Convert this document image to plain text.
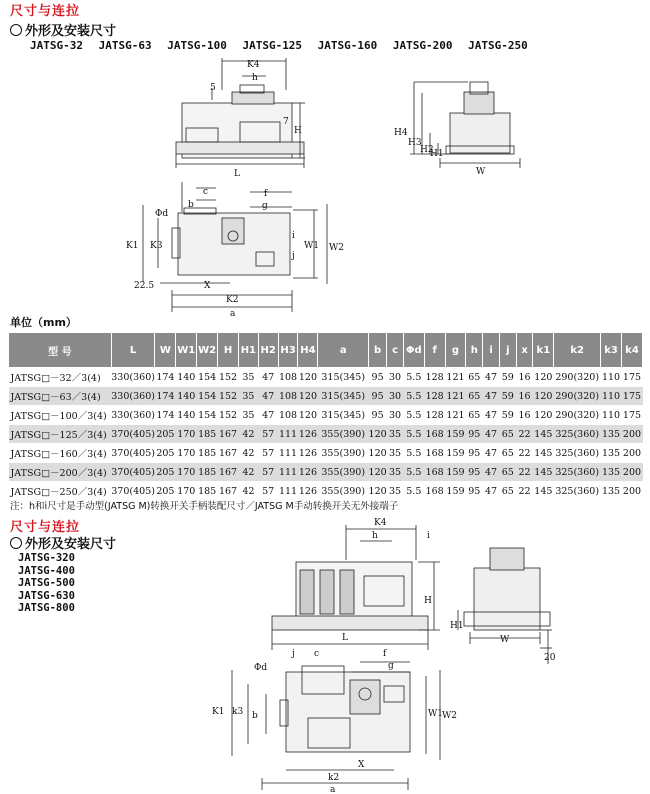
尺寸与连拉
外形及安装尺寸
JATSG-32 JATSG-63 JATSG-100 JATSG-125 JATSG-160 JATSG-200 JATSG-250
K4
h
5
7
H
L
H4
H3
H2
H1
W
c
b
f
g
Φd
K1 K3	W1 W2
i
j
22.5	X
K2
a
K4
h	i
H
L
H1
W
20
Φd
j c	f
g
K1 k3 b	W1 W2
X
k2
a
单位（mm）
型 号	L	W	W1	W2	H	H1	H2	H3	H4	a	b	c	Φd	f	g	h	i	j	x	k1	k2	k3	k4
JATSG□－32／3(4)	330(360)	174	140	154	152	35	47	108	120	315(345)	95	30	5.5	128	121	65	47	59	16	120	290(320)	110	175
JATSG□－63／3(4)	330(360)	174	140	154	152	35	47	108	120	315(345)	95	30	5.5	128	121	65	47	59	16	120	290(320)	110	175
JATSG□－100／3(4)	330(360)	174	140	154	152	35	47	108	120	315(345)	95	30	5.5	128	121	65	47	59	16	120	290(320)	110	175
JATSG□－125／3(4)	370(405)	205	170	185	167	42	57	111	126	355(390)	120	35	5.5	168	159	95	47	65	22	145	325(360)	135	200
JATSG□－160／3(4)	370(405)	205	170	185	167	42	57	111	126	355(390)	120	35	5.5	168	159	95	47	65	22	145	325(360)	135	200
JATSG□－200／3(4)	370(405)	205	170	185	167	42	57	111	126	355(390)	120	35	5.5	168	159	95	47	65	22	145	325(360)	135	200
JATSG□－250／3(4)	370(405)	205	170	185	167	42	57	111	126	355(390)	120	35	5.5	168	159	95	47	65	22	145	325(360)	135	200
注：h和i尺寸是手动型(JATSG M)转换开关手柄装配尺寸／JATSG M手动转换开关无外接端子
尺寸与连拉
外形及安装尺寸
JATSG-320
JATSG-400
JATSG-500
JATSG-630
JATSG-800
